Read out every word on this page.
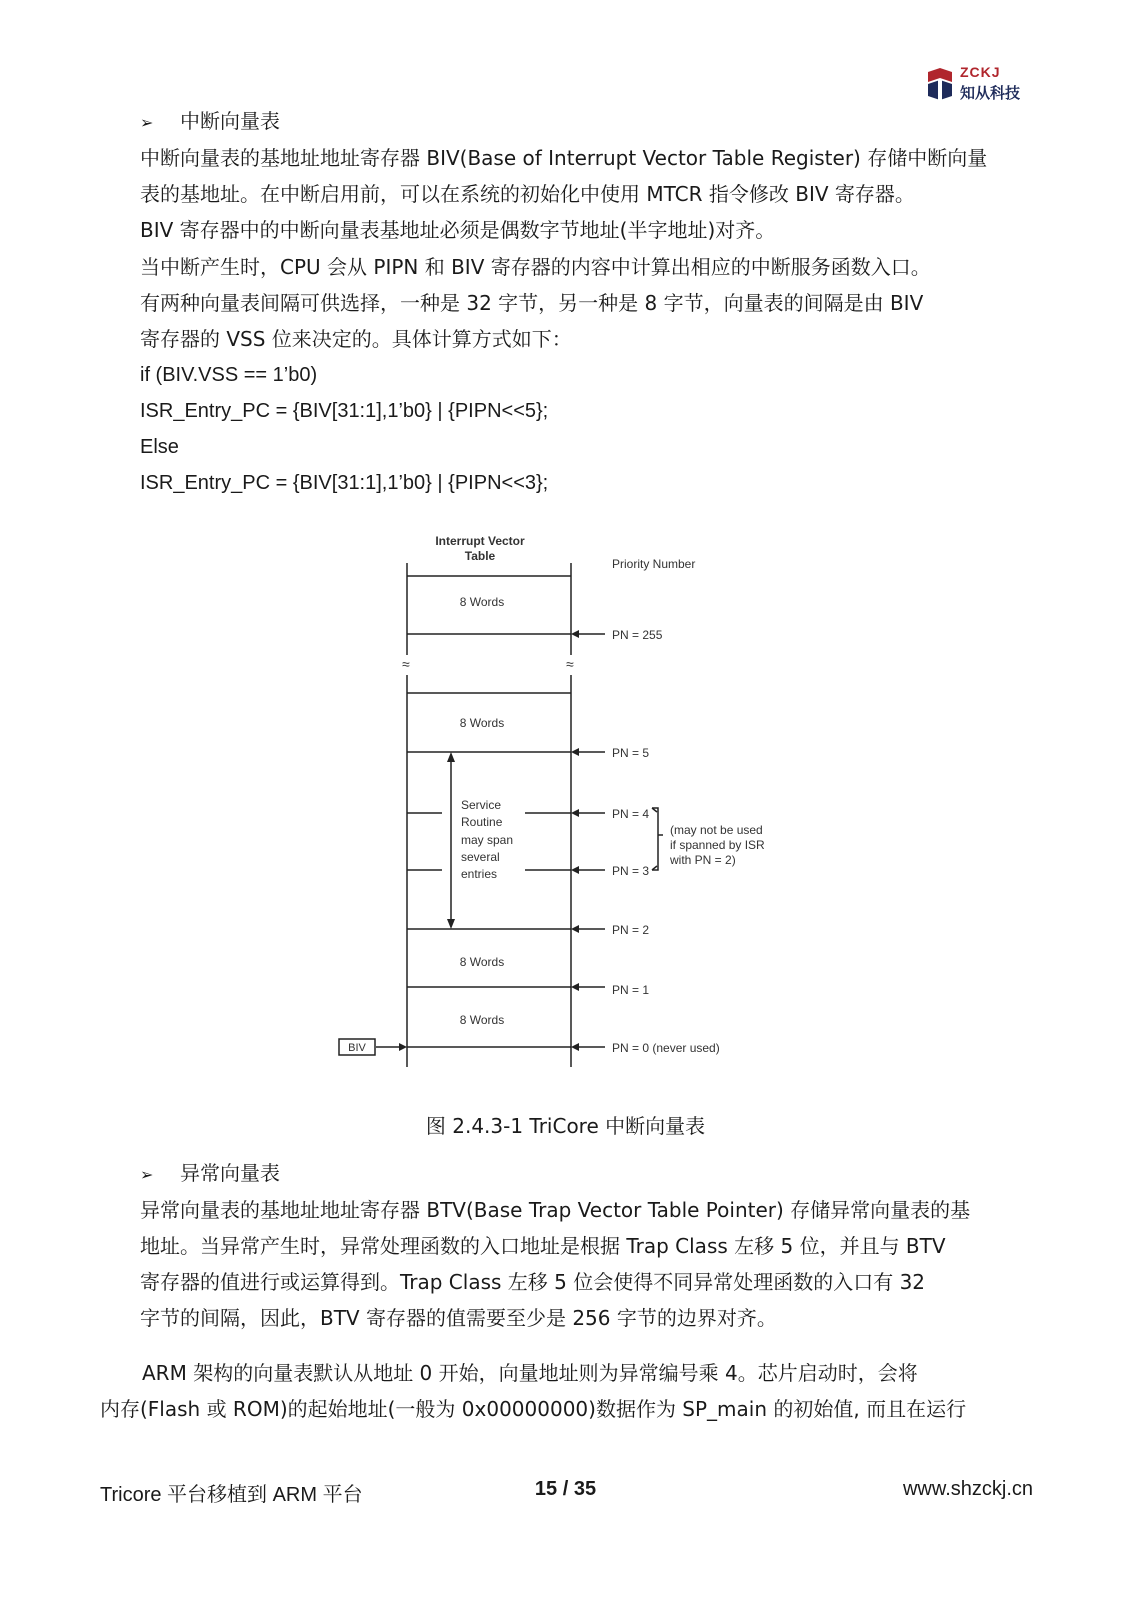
ZCKJ
知从科技
➢ 中断向量表
中断向量表的基地址地址寄存器 BIV(Base of Interrupt Vector Table Register) 存储中断向量
表的基地址。在中断启用前，可以在系统的初始化中使用 MTCR 指令修改 BIV 寄存器。
BIV 寄存器中的中断向量表基地址必须是偶数字节地址(半字地址)对齐。
当中断产生时，CPU 会从 PIPN 和 BIV 寄存器的内容中计算出相应的中断服务函数入口。
有两种向量表间隔可供选择，一种是 32 字节，另一种是 8 字节，向量表的间隔是由 BIV
寄存器的 VSS 位来决定的。具体计算方式如下：
if (BIV.VSS == 1’b0)
ISR_Entry_PC = {BIV[31:1],1’b0} | {PIPN<<5};
Else
ISR_Entry_PC = {BIV[31:1],1’b0} | {PIPN<<3};
Interrupt Vector
Table
Priority Number
≈	≈
8 Words
8 Words
8 Words
8 Words
Service
Routine
may span
several
entries
PN = 255
PN = 5
PN = 4
PN = 3
PN = 2
PN = 1
PN = 0 (never used)
(may not be used
if spanned by ISR
with PN = 2)
BIV
图 2.4.3-1 TriCore 中断向量表
➢ 异常向量表
异常向量表的基地址地址寄存器 BTV(Base Trap Vector Table Pointer) 存储异常向量表的基
地址。当异常产生时，异常处理函数的入口地址是根据 Trap Class 左移 5 位，并且与 BTV
寄存器的值进行或运算得到。Trap Class 左移 5 位会使得不同异常处理函数的入口有 32
字节的间隔，因此，BTV 寄存器的值需要至少是 256 字节的边界对齐。
ARM 架构的向量表默认从地址 0 开始，向量地址则为异常编号乘 4。芯片启动时，会将
内存(Flash 或 ROM)的起始地址(一般为 0x00000000)数据作为 SP_main 的初始值, 而且在运行
Tricore 平台移植到 ARM 平台	15 / 35	www.shzckj.cn
